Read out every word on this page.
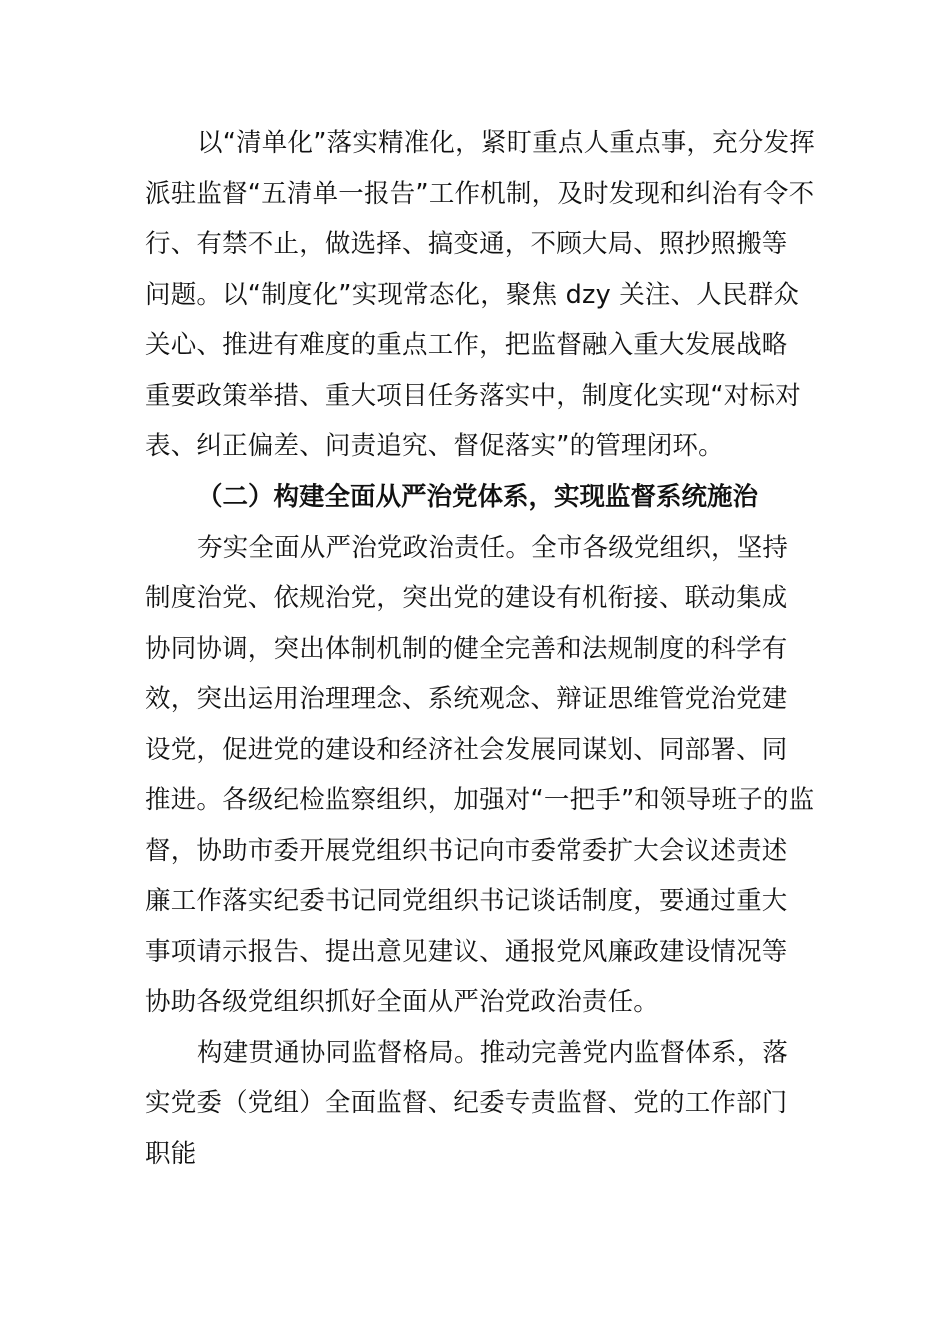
以“清单化”落实精准化，紧盯重点人重点事，充分发挥
派驻监督“五清单一报告”工作机制，及时发现和纠治有令不
行、有禁不止，做选择、搞变通，不顾大局、照抄照搬等
问题。以“制度化”实现常态化，聚焦 dzy 关注、人民群众
关心、推进有难度的重点工作，把监督融入重大发展战略
重要政策举措、重大项目任务落实中，制度化实现“对标对
表、纠正偏差、问责追究、督促落实”的管理闭环。
（二）构建全面从严治党体系，实现监督系统施治
夯实全面从严治党政治责任。全市各级党组织，坚持
制度治党、依规治党，突出党的建设有机衔接、联动集成
协同协调，突出体制机制的健全完善和法规制度的科学有
效，突出运用治理理念、系统观念、辩证思维管党治党建
设党，促进党的建设和经济社会发展同谋划、同部署、同
推进。各级纪检监察组织，加强对“一把手”和领导班子的监
督，协助市委开展党组织书记向市委常委扩大会议述责述
廉工作落实纪委书记同党组织书记谈话制度，要通过重大
事项请示报告、提出意见建议、通报党风廉政建设情况等
协助各级党组织抓好全面从严治党政治责任。
构建贯通协同监督格局。推动完善党内监督体系，落
实党委（党组）全面监督、纪委专责监督、党的工作部门
职能
